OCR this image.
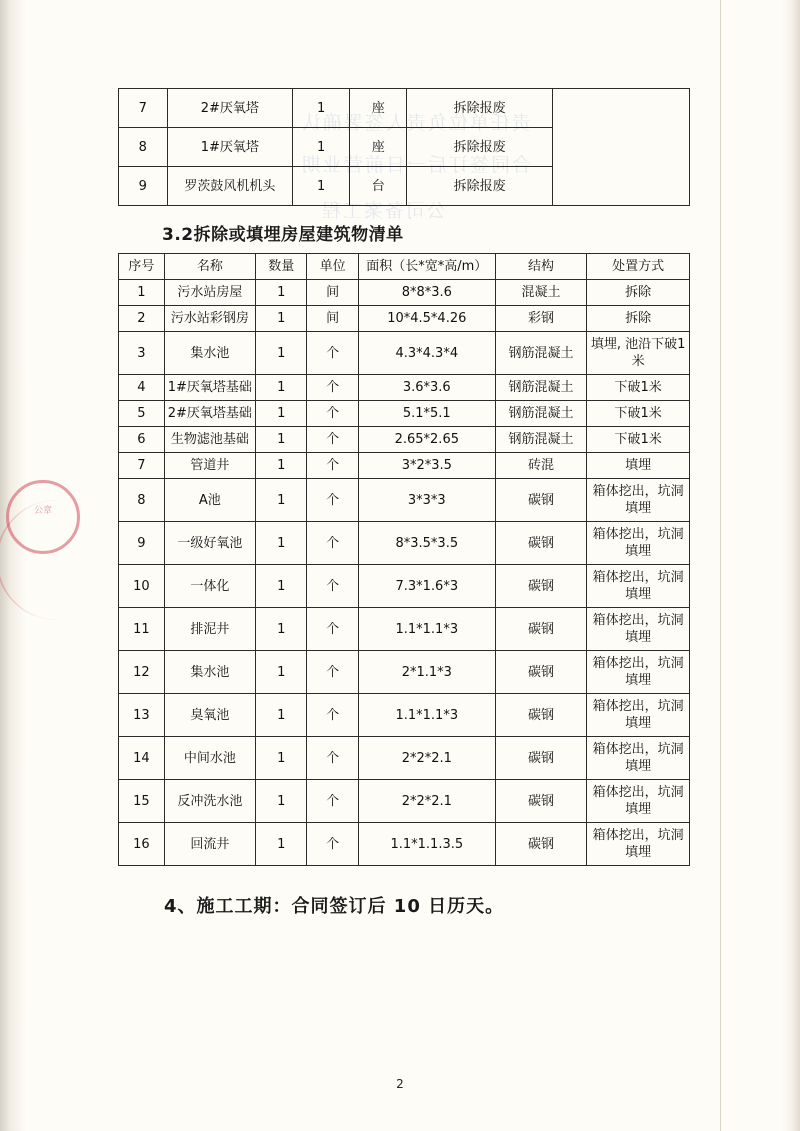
责任单位负责人签署确认
合同签订后一日前营业期
公司备案工程
公章
7	2#厌氧塔	1	座	拆除报废	
8	1#厌氧塔	1	座	拆除报废	
9	罗茨鼓风机机头	1	台	拆除报废	
3.2拆除或填埋房屋建筑物清单
序号	名称	数量	单位	面积（长*宽*高/m）	结构	处置方式
1	污水站房屋	1	间	8*8*3.6	混凝土	拆除
2	污水站彩钢房	1	间	10*4.5*4.26	彩钢	拆除
3	集水池	1	个	4.3*4.3*4	钢筋混凝土	填埋, 池沿下破1米
4	1#厌氧塔基础	1	个	3.6*3.6	钢筋混凝土	下破1米
5	2#厌氧塔基础	1	个	5.1*5.1	钢筋混凝土	下破1米
6	生物滤池基础	1	个	2.65*2.65	钢筋混凝土	下破1米
7	管道井	1	个	3*2*3.5	砖混	填埋
8	A池	1	个	3*3*3	碳钢	箱体挖出，坑洞填埋
9	一级好氧池	1	个	8*3.5*3.5	碳钢	箱体挖出，坑洞填埋
10	一体化	1	个	7.3*1.6*3	碳钢	箱体挖出，坑洞填埋
11	排泥井	1	个	1.1*1.1*3	碳钢	箱体挖出，坑洞填埋
12	集水池	1	个	2*1.1*3	碳钢	箱体挖出，坑洞填埋
13	臭氧池	1	个	1.1*1.1*3	碳钢	箱体挖出，坑洞填埋
14	中间水池	1	个	2*2*2.1	碳钢	箱体挖出，坑洞填埋
15	反冲洗水池	1	个	2*2*2.1	碳钢	箱体挖出，坑洞填埋
16	回流井	1	个	1.1*1.1.3.5	碳钢	箱体挖出，坑洞填埋
4、施工工期：合同签订后 10 日历天。
2
